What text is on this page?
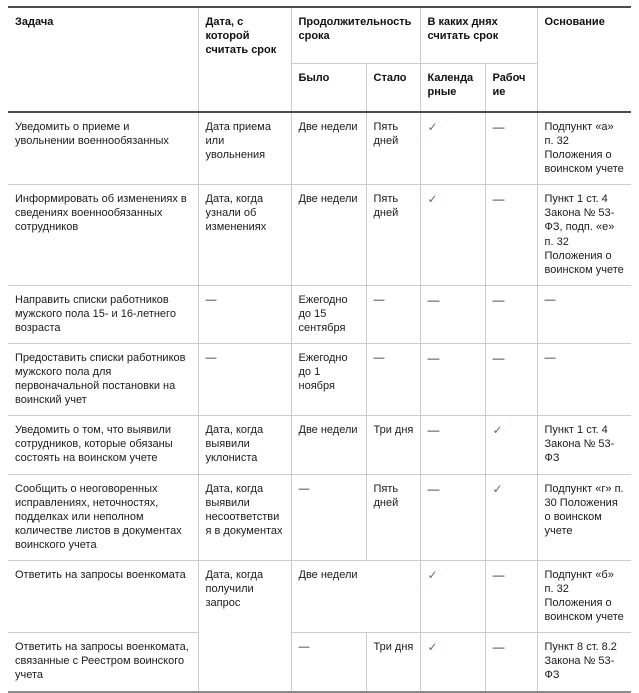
Задача	Дата, с которой считать срок	Продолжительность срока		В каких днях считать срок		Основание
		Было	Стало	Календарные	Рабочие	
Уведомить о приеме и увольнении военнообязанных	Дата приема или увольнения	Две недели	Пять дней	✓	—	Подпункт «а» п. 32 Положения о воинском учете
Информировать об изменениях в сведениях военнообязанных сотрудников	Дата, когда узнали об изменениях	Две недели	Пять дней	✓	—	Пункт 1 ст. 4 Закона № 53-ФЗ, подп. «е» п. 32 Положения о воинском учете
Направить списки работников мужского пола 15- и 16-летнего возраста	—	Ежегодно до 15 сентября	—	—	—	—
Предоставить списки работников мужского пола для первоначальной постановки на воинский учет	—	Ежегодно до 1 ноября	—	—	—	—
Уведомить о том, что выявили сотрудников, которые обязаны состоять на воинском учете	Дата, когда выявили уклониста	Две недели	Три дня	—	✓	Пункт 1 ст. 4 Закона № 53-ФЗ
Сообщить о неоговоренных исправлениях, неточностях, подделках или неполном количестве листов в документах воинского учета	Дата, когда выявили несоответствия в документах	—	Пять дней	—	✓	Подпункт «г» п. 30 Положения о воинском учете
Ответить на запросы военкомата	Дата, когда получили запрос	Две недели		✓	—	Подпункт «б» п. 32 Положения о воинском учете
Ответить на запросы военкомата, связанные с Реестром воинского учета		—	Три дня	✓	—	Пункт 8 ст. 8.2 Закона № 53-ФЗ
